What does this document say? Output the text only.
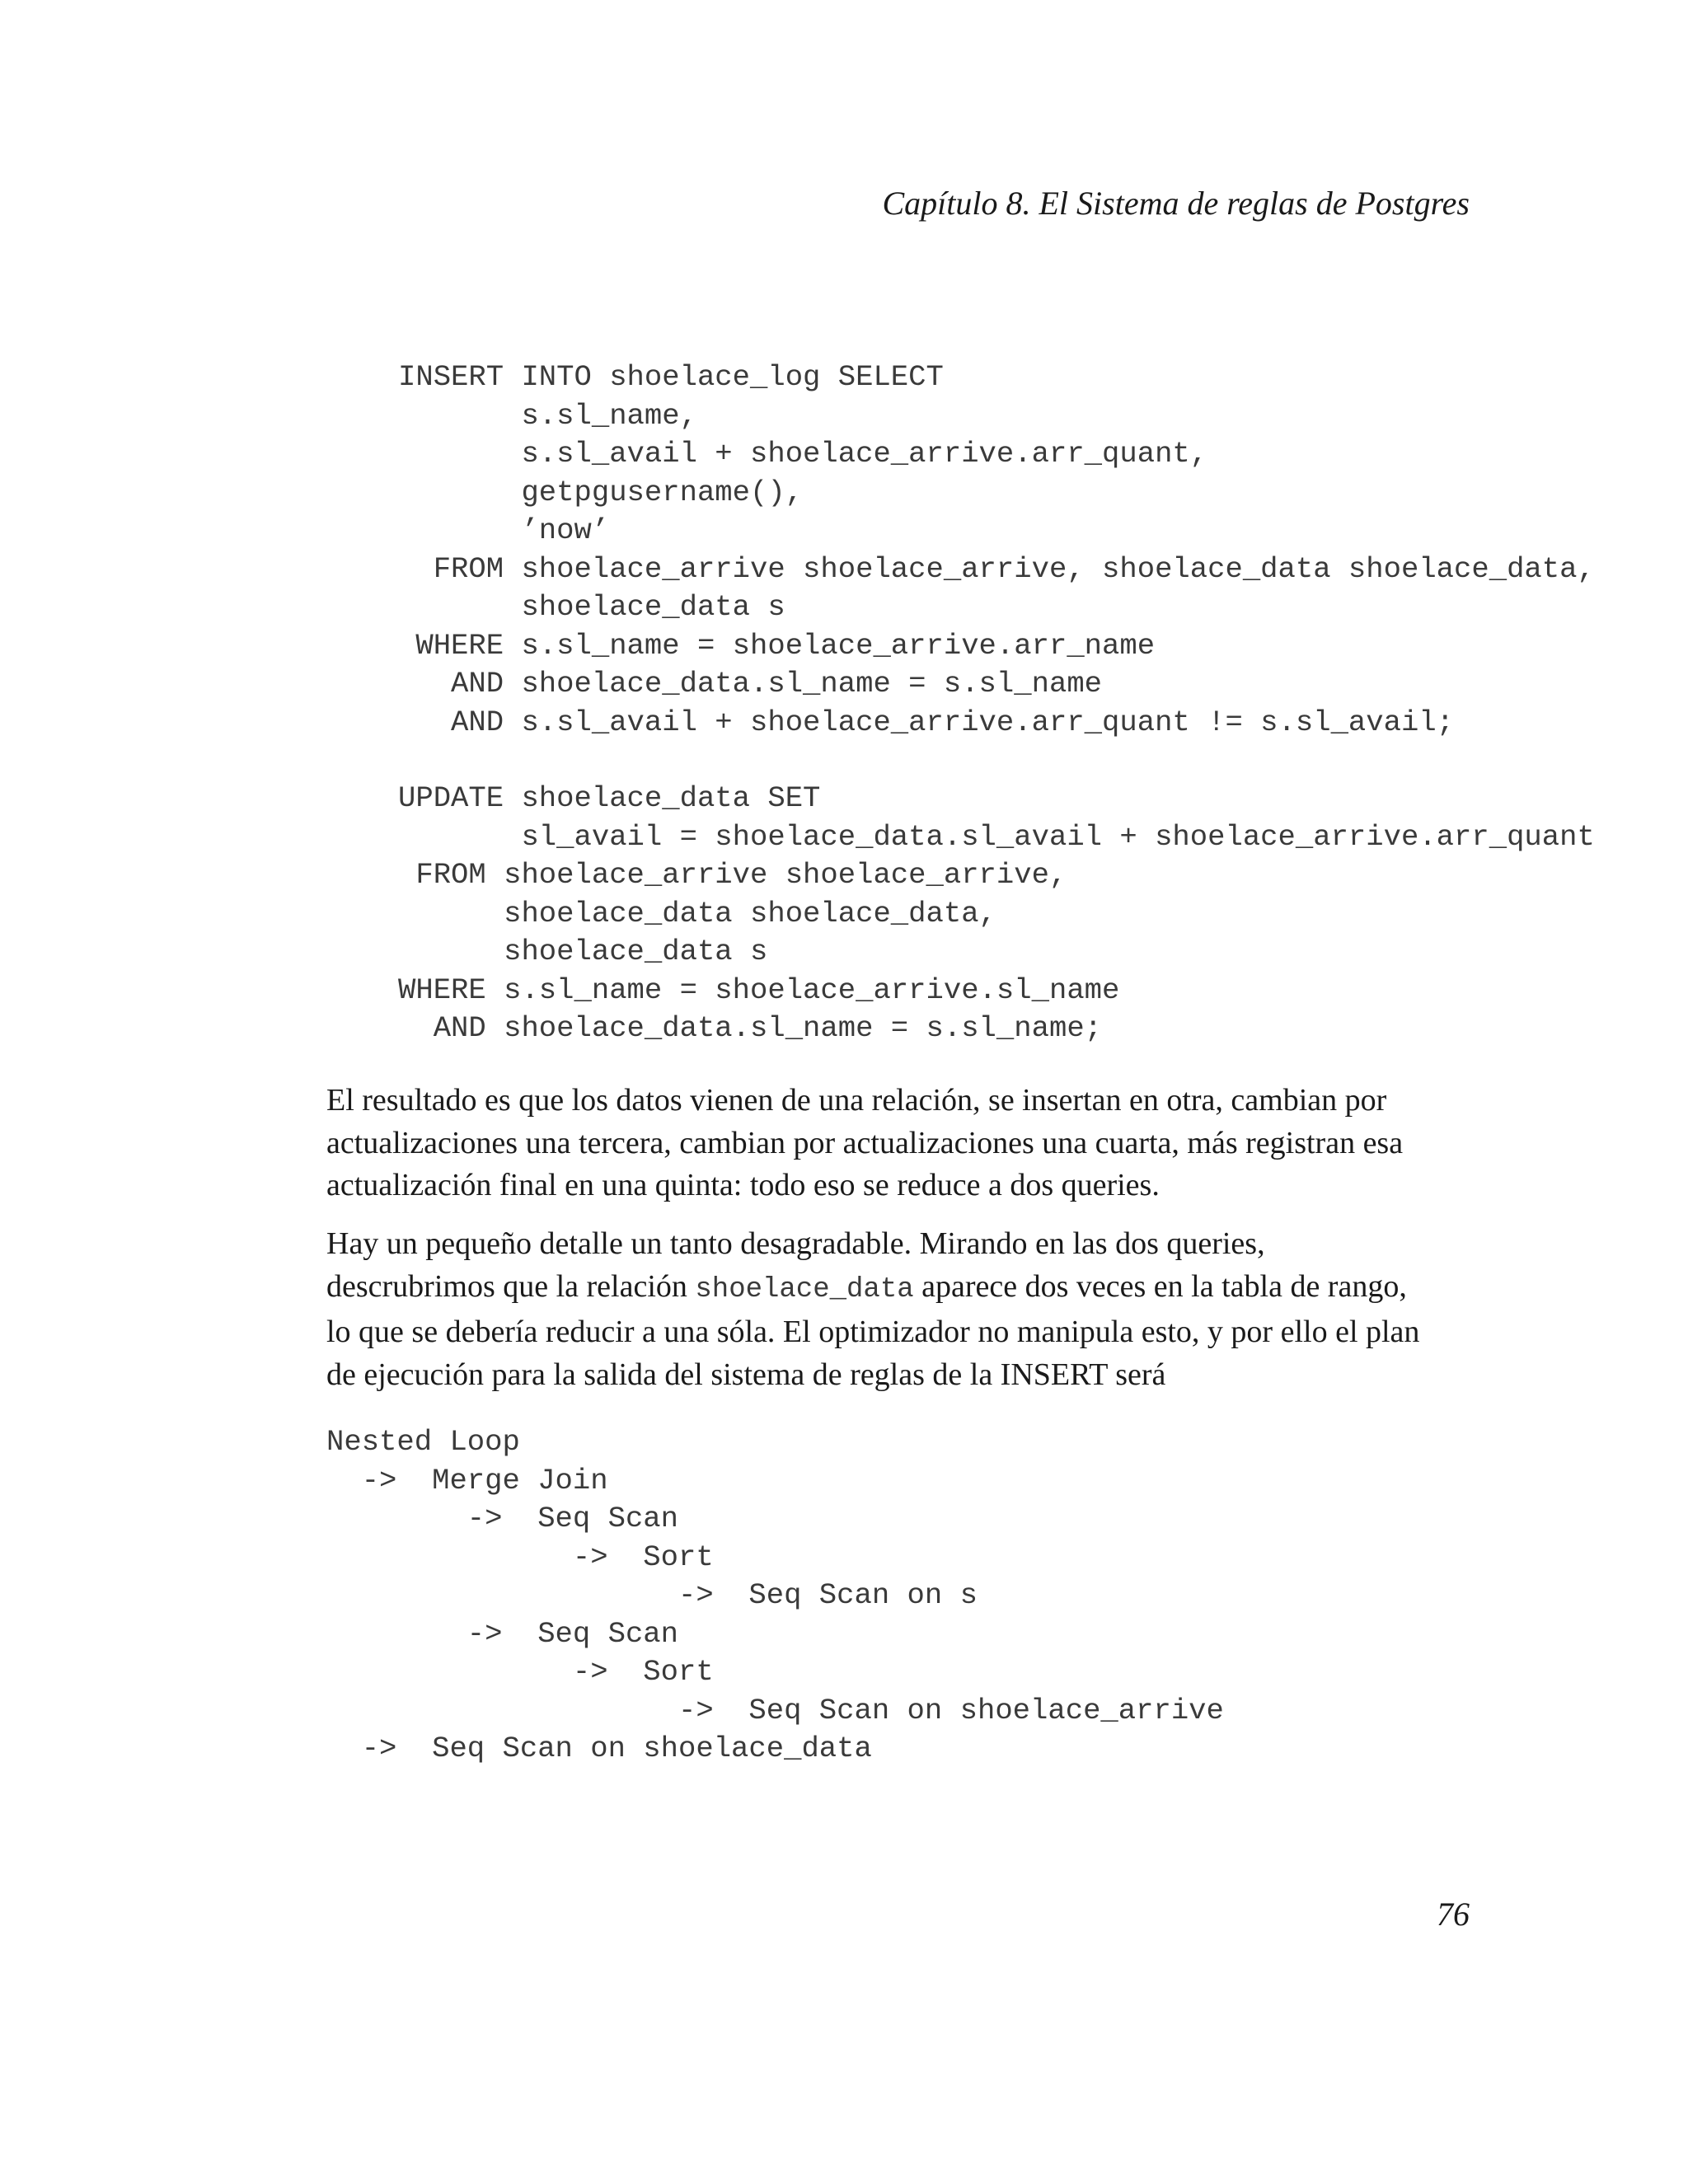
Capítulo 8. El Sistema de reglas de Postgres
INSERT INTO shoelace_log SELECT
s.sl_name,
s.sl_avail + shoelace_arrive.arr_quant,
getpgusername(),
’now’
FROM shoelace_arrive shoelace_arrive, shoelace_data shoelace_data,
shoelace_data s
WHERE s.sl_name = shoelace_arrive.arr_name
AND shoelace_data.sl_name = s.sl_name
AND s.sl_avail + shoelace_arrive.arr_quant != s.sl_avail;
UPDATE shoelace_data SET
sl_avail = shoelace_data.sl_avail + shoelace_arrive.arr_quant
FROM shoelace_arrive shoelace_arrive,
shoelace_data shoelace_data,
shoelace_data s
WHERE s.sl_name = shoelace_arrive.sl_name
AND shoelace_data.sl_name = s.sl_name;

El resultado es que los datos vienen de una relación, se insertan en otra, cambian por
actualizaciones una tercera, cambian por actualizaciones una cuarta, más registran esa
actualización final en una quinta: todo eso se reduce a dos queries.

Hay un pequeño detalle un tanto desagradable. Mirando en las dos queries,
descrubrimos que la relación shoelace_data aparece dos veces en la tabla de rango,
lo que se debería reducir a una sóla. El optimizador no manipula esto, y por ello el plan
de ejecución para la salida del sistema de reglas de la INSERT será

Nested Loop
->  Merge Join
->  Seq Scan
->  Sort
->  Seq Scan on s
->  Seq Scan
->  Sort
->  Seq Scan on shoelace_arrive
->  Seq Scan on shoelace_data
76
